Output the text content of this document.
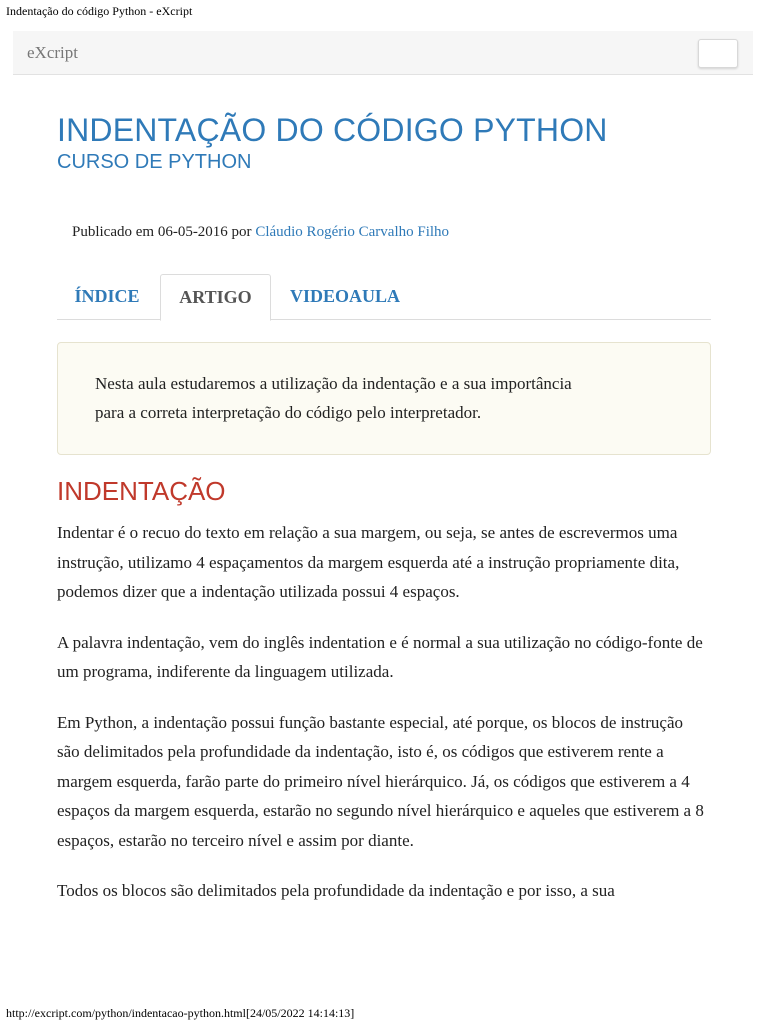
Indentação do código Python - eXcript
eXcript
INDENTAÇÃO DO CÓDIGO PYTHON
CURSO DE PYTHON
Publicado em 06-05-2016 por Cláudio Rogério Carvalho Filho
ÍNDICE	ARTIGO	VIDEOAULA
Nesta aula estudaremos a utilização da indentação e a sua importância
para a correta interpretação do código pelo interpretador.
INDENTAÇÃO

Indentar é o recuo do texto em relação a sua margem, ou seja, se antes de escrevermos uma instrução, utilizamo 4 espaçamentos da margem esquerda até a instrução propriamente dita, podemos dizer que a indentação utilizada possui 4 espaços.

A palavra indentação, vem do inglês indentation e é normal a sua utilização no código-fonte de um programa, indiferente da linguagem utilizada.

Em Python, a indentação possui função bastante especial, até porque, os blocos de instrução são delimitados pela profundidade da indentação, isto é, os códigos que estiverem rente a margem esquerda, farão parte do primeiro nível hierárquico. Já, os códigos que estiverem a 4 espaços da margem esquerda, estarão no segundo nível hierárquico e aqueles que estiverem a 8 espaços, estarão no terceiro nível e assim por diante.

Todos os blocos são delimitados pela profundidade da indentação e por isso, a sua

http://excript.com/python/indentacao-python.html[24/05/2022 14:14:13]
